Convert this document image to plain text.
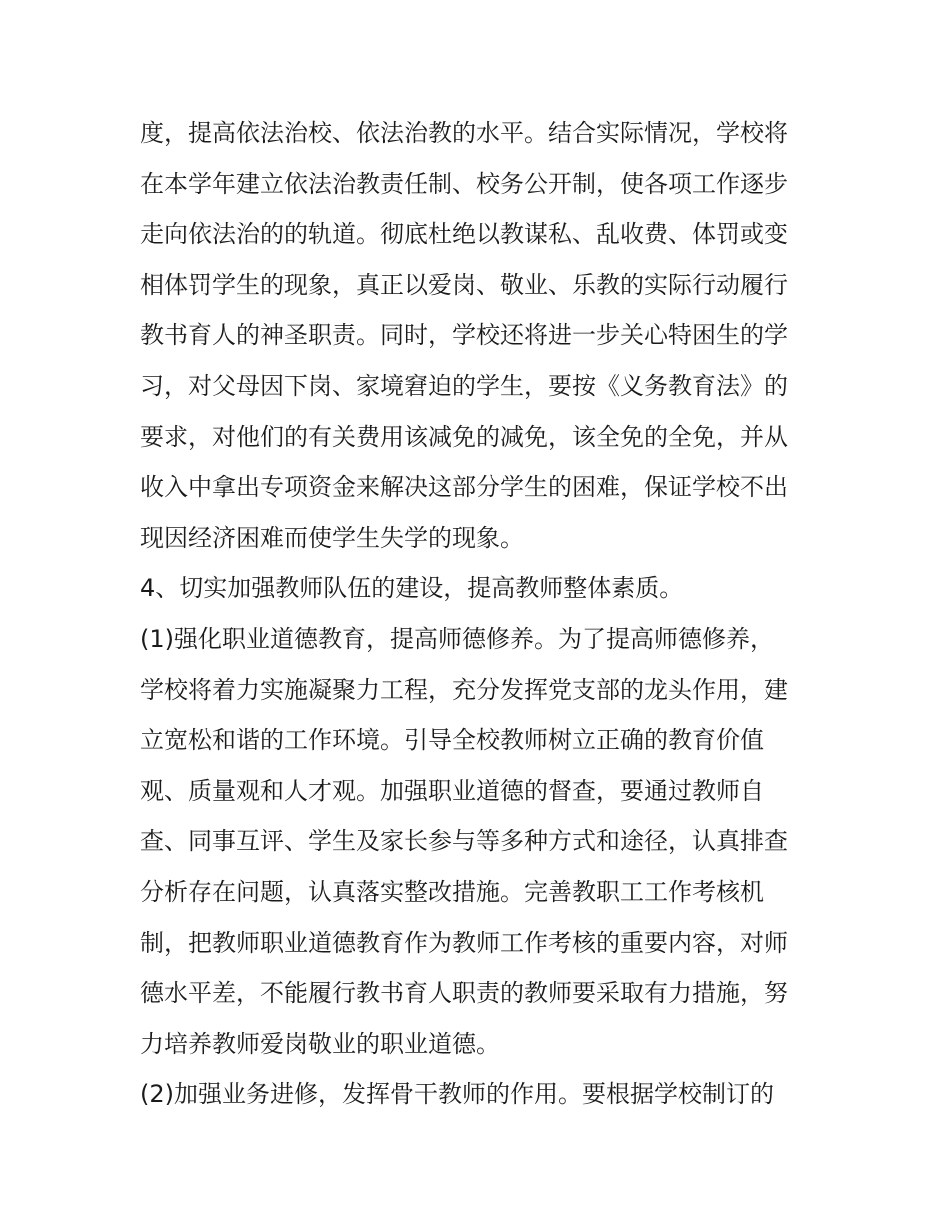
度，提高依法治校、依法治教的水平。结合实际情况，学校将
在本学年建立依法治教责任制、校务公开制，使各项工作逐步
走向依法治的的轨道。彻底杜绝以教谋私、乱收费、体罚或变
相体罚学生的现象，真正以爱岗、敬业、乐教的实际行动履行
教书育人的神圣职责。同时，学校还将进一步关心特困生的学
习，对父母因下岗、家境窘迫的学生，要按《义务教育法》的
要求，对他们的有关费用该减免的减免，该全免的全免，并从
收入中拿出专项资金来解决这部分学生的困难，保证学校不出
现因经济困难而使学生失学的现象。
4、切实加强教师队伍的建设，提高教师整体素质。
(1)强化职业道德教育，提高师德修养。为了提高师德修养，
学校将着力实施凝聚力工程，充分发挥党支部的龙头作用，建
立宽松和谐的工作环境。引导全校教师树立正确的教育价值
观、质量观和人才观。加强职业道德的督查，要通过教师自
查、同事互评、学生及家长参与等多种方式和途径，认真排查
分析存在问题，认真落实整改措施。完善教职工工作考核机
制，把教师职业道德教育作为教师工作考核的重要内容，对师
德水平差，不能履行教书育人职责的教师要采取有力措施，努
力培养教师爱岗敬业的职业道德。
(2)加强业务进修，发挥骨干教师的作用。要根据学校制订的
